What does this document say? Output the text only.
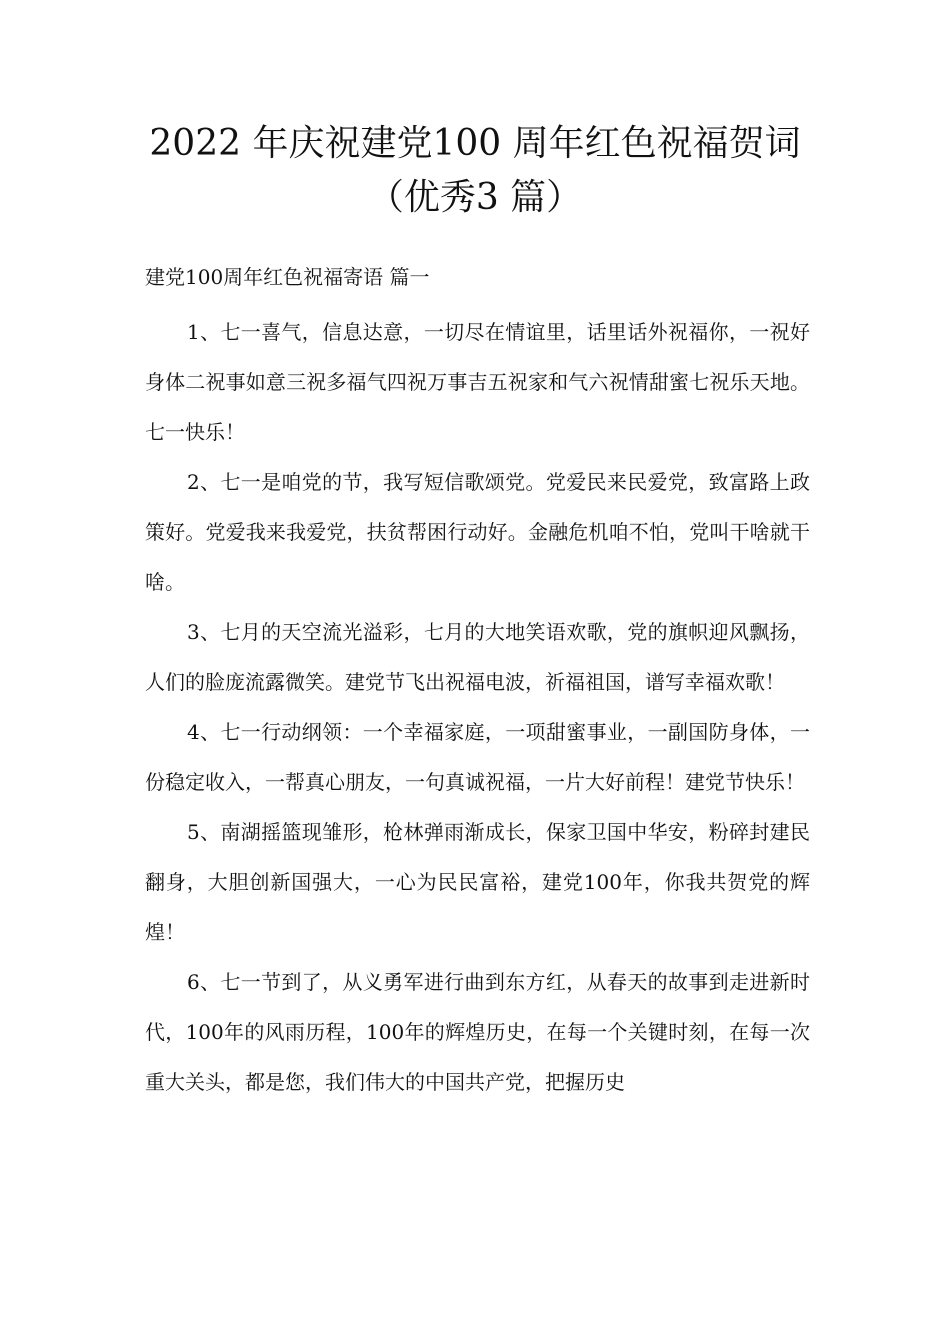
2022 年庆祝建党100 周年红色祝福贺词
（优秀3 篇）
建党100周年红色祝福寄语 篇一

1、七一喜气，信息达意，一切尽在情谊里，话里话外祝福你，一祝好身体二祝事如意三祝多福气四祝万事吉五祝家和气六祝情甜蜜七祝乐天地。七一快乐！

2、七一是咱党的节，我写短信歌颂党。党爱民来民爱党，致富路上政策好。党爱我来我爱党，扶贫帮困行动好。金融危机咱不怕，党叫干啥就干啥。

3、七月的天空流光溢彩，七月的大地笑语欢歌，党的旗帜迎风飘扬，人们的脸庞流露微笑。建党节飞出祝福电波，祈福祖国，谱写幸福欢歌！

4、七一行动纲领：一个幸福家庭，一项甜蜜事业，一副国防身体，一份稳定收入，一帮真心朋友，一句真诚祝福，一片大好前程！建党节快乐！

5、南湖摇篮现雏形，枪林弹雨渐成长，保家卫国中华安，粉碎封建民翻身，大胆创新国强大，一心为民民富裕，建党100年，你我共贺党的辉煌！

6、七一节到了，从义勇军进行曲到东方红，从春天的故事到走进新时代，100年的风雨历程，100年的辉煌历史，在每一个关键时刻，在每一次重大关头，都是您，我们伟大的中国共产党，把握历史
